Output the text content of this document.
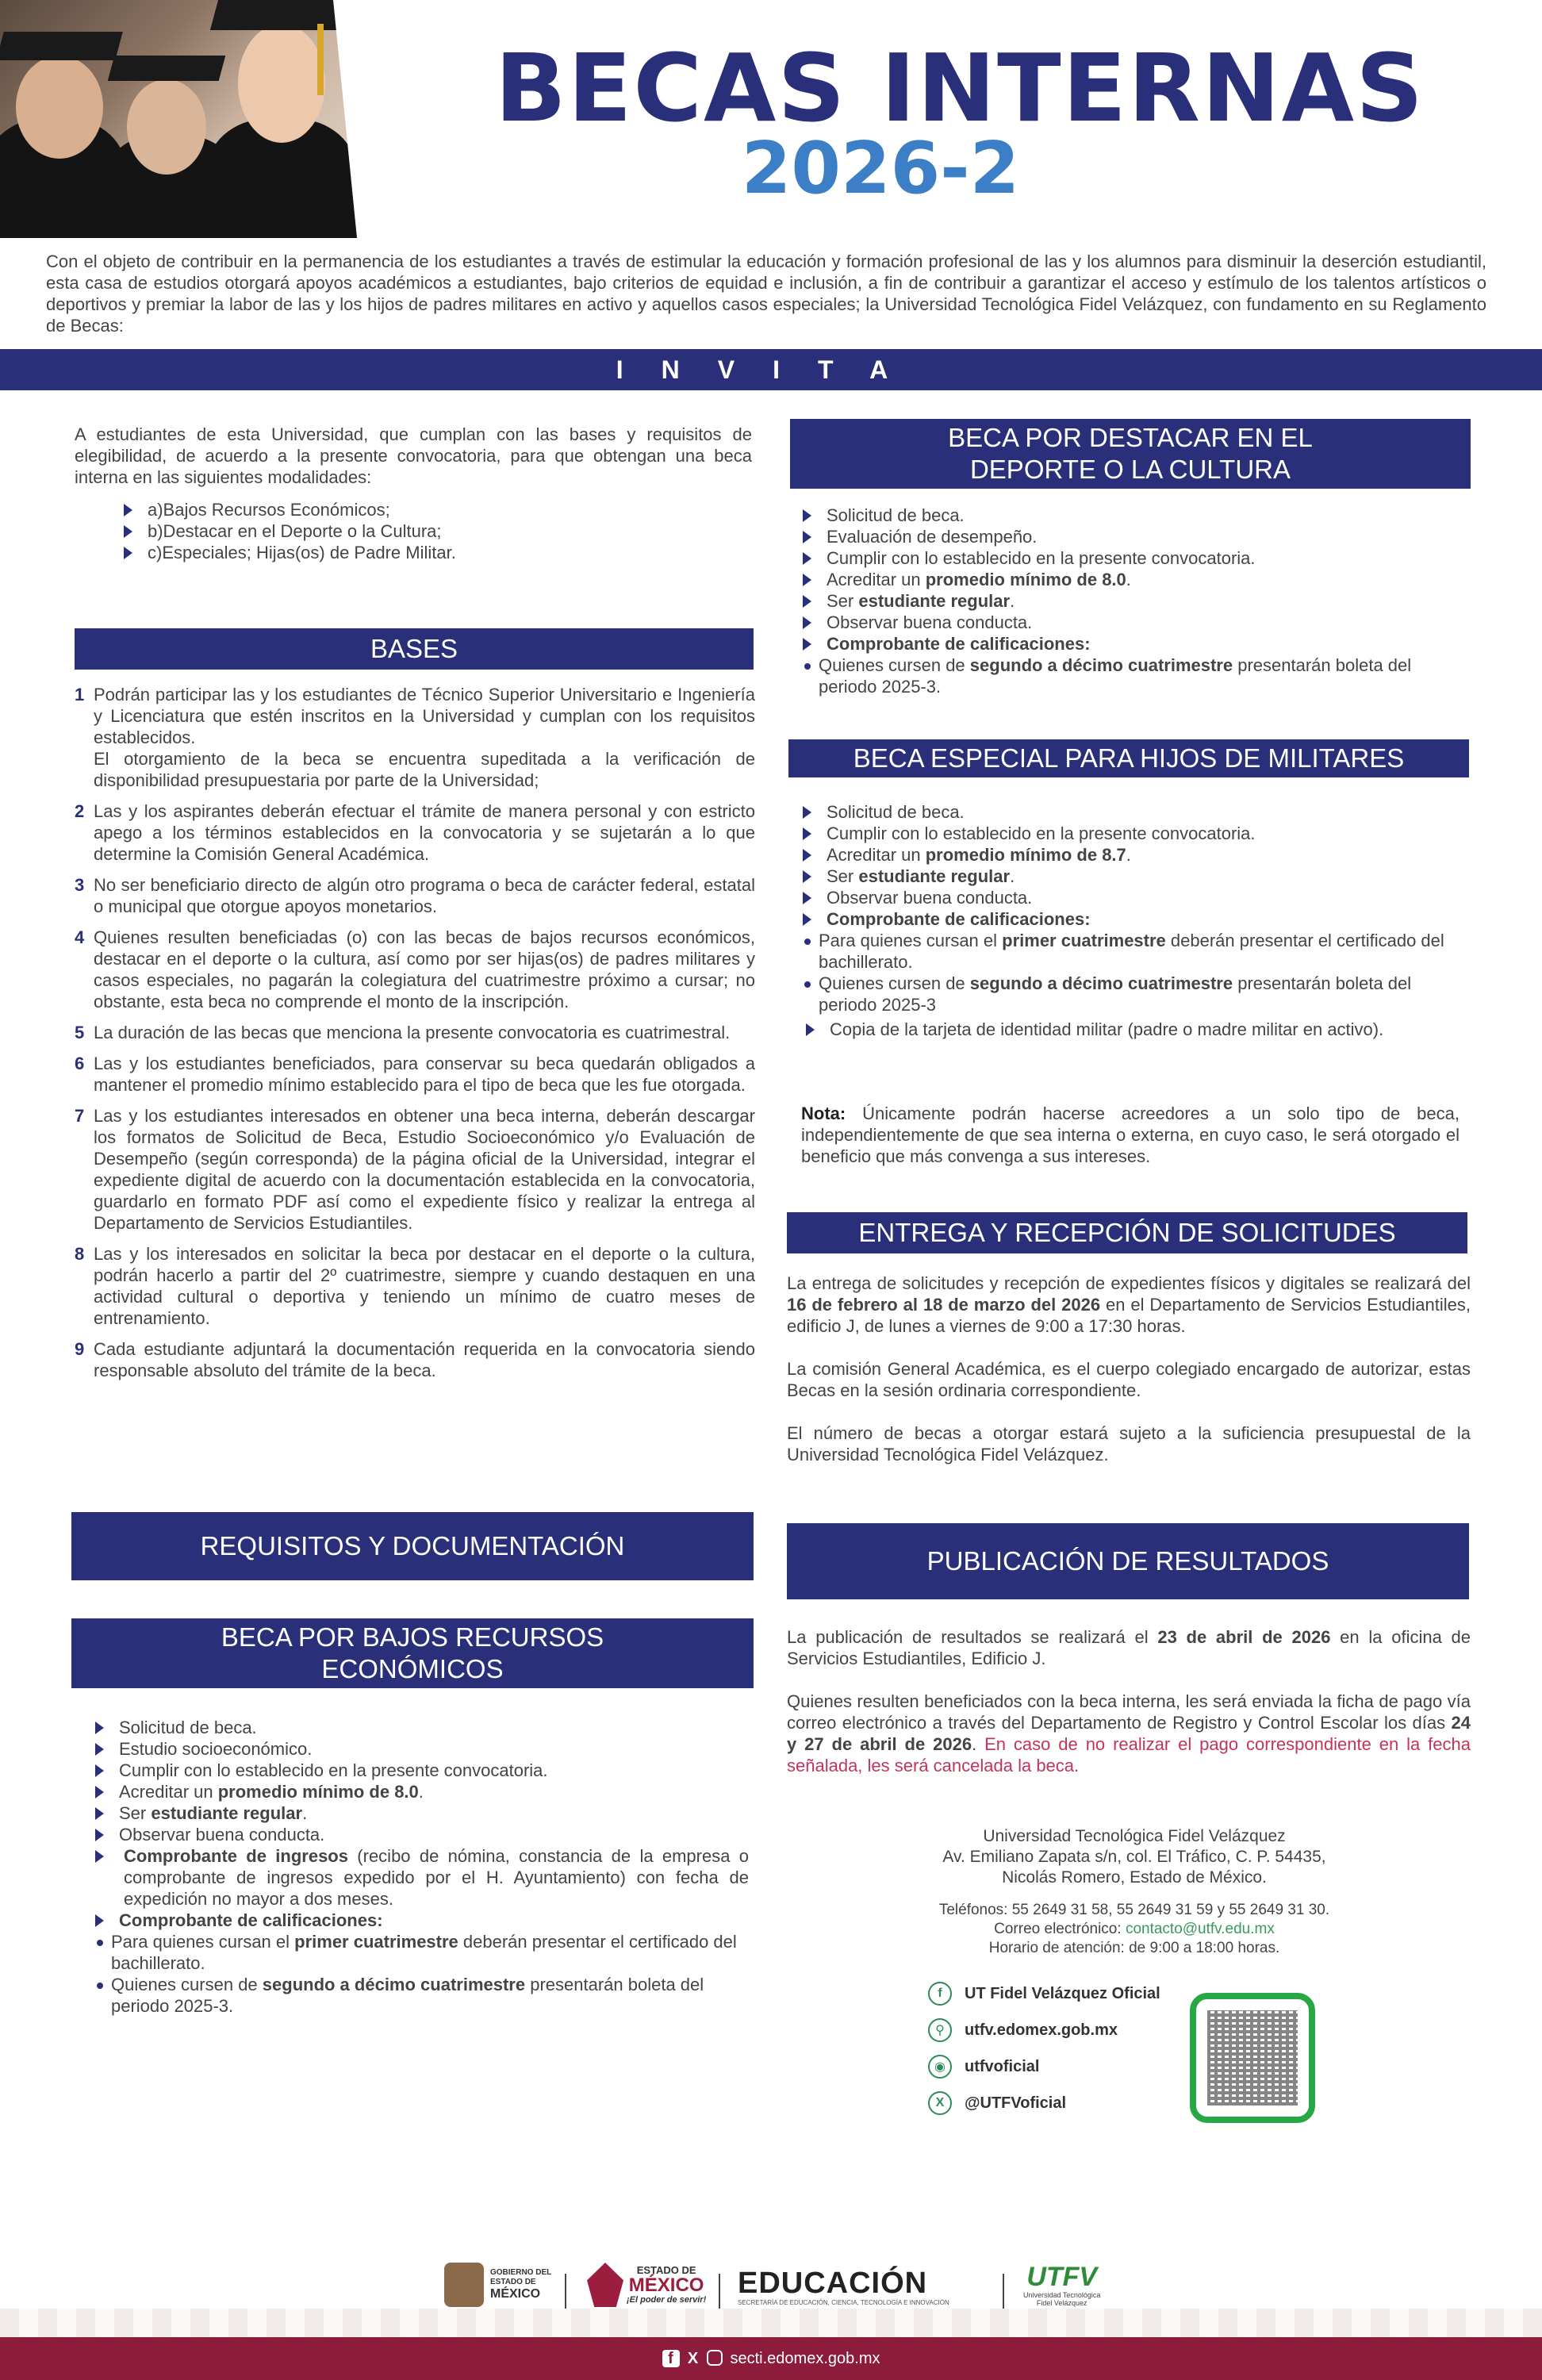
BECAS INTERNAS
2026-2

Con el objeto de contribuir en la permanencia de los estudiantes a través de estimular la educación y formación profesional de las y los alumnos para disminuir la deserción estudiantil, esta casa de estudios otorgará apoyos académicos a estudiantes, bajo criterios de equidad e inclusión, a fin de contribuir a garantizar el acceso y estímulo de los talentos artísticos o deportivos y premiar la labor de las y los hijos de padres militares en activo y aquellos casos especiales; la Universidad Tecnológica Fidel Velázquez, con fundamento en su Reglamento de Becas:

INVITA

A estudiantes de esta Universidad, que cumplan con las bases y requisitos de elegibilidad, de acuerdo a la presente convocatoria, para que obtengan una beca interna en las siguientes modalidades:

a)Bajos Recursos Económicos;
b)Destacar en el Deporte o la Cultura;
c)Especiales; Hijas(os) de Padre Militar.
BASES
1 Podrán participar las y los estudiantes de Técnico Superior Universitario e Ingeniería y Licenciatura que estén inscritos en la Universidad y cumplan con los requisitos establecidos.
El otorgamiento de la beca se encuentra supeditada a la verificación de disponibilidad presupuestaria por parte de la Universidad;
2 Las y los aspirantes deberán efectuar el trámite de manera personal y con estricto apego a los términos establecidos en la convocatoria y se sujetarán a lo que determine la Comisión General Académica.
3 No ser beneficiario directo de algún otro programa o beca de carácter federal, estatal o municipal que otorgue apoyos monetarios.
4 Quienes resulten beneficiadas (o) con las becas de bajos recursos económicos, destacar en el deporte o la cultura, así como por ser hijas(os) de padres militares y casos especiales, no pagarán la colegiatura del cuatrimestre próximo a cursar; no obstante, esta beca no comprende el monto de la inscripción.
5 La duración de las becas que menciona la presente convocatoria es cuatrimestral.
6 Las y los estudiantes beneficiados, para conservar su beca quedarán obligados a mantener el promedio mínimo establecido para el tipo de beca que les fue otorgada.
7 Las y los estudiantes interesados en obtener una beca interna, deberán descargar los formatos de Solicitud de Beca, Estudio Socioeconómico y/o Evaluación de Desempeño (según corresponda) de la página oficial de la Universidad, integrar el expediente digital de acuerdo con la documentación establecida en la convocatoria, guardarlo en formato PDF así como el expediente físico y realizar la entrega al Departamento de Servicios Estudiantiles.
8 Las y los interesados en solicitar la beca por destacar en el deporte o la cultura, podrán hacerlo a partir del 2º cuatrimestre, siempre y cuando destaquen en una actividad cultural o deportiva y teniendo un mínimo de cuatro meses de entrenamiento.
9 Cada estudiante adjuntará la documentación requerida en la convocatoria siendo responsable absoluto del trámite de la beca.
REQUISITOS Y DOCUMENTACIÓN
BECA POR BAJOS RECURSOS ECONÓMICOS
Solicitud de beca.
Estudio socioeconómico.
Cumplir con lo establecido en la presente convocatoria.
Acreditar un promedio mínimo de 8.0.
Ser estudiante regular.
Observar buena conducta.
Comprobante de ingresos (recibo de nómina, constancia de la empresa o comprobante de ingresos expedido por el H. Ayuntamiento) con fecha de expedición no mayor a dos meses.
Comprobante de calificaciones:
Para quienes cursan el primer cuatrimestre deberán presentar el certificado del bachillerato.
Quienes cursen de segundo a décimo cuatrimestre presentarán boleta del periodo 2025-3.
BECA POR DESTACAR EN EL DEPORTE O LA CULTURA
Solicitud de beca.
Evaluación de desempeño.
Cumplir con lo establecido en la presente convocatoria.
Acreditar un promedio mínimo de 8.0.
Ser estudiante regular.
Observar buena conducta.
Comprobante de calificaciones:
Quienes cursen de segundo a décimo cuatrimestre presentarán boleta del periodo 2025-3.
BECA ESPECIAL PARA HIJOS DE MILITARES
Solicitud de beca.
Cumplir con lo establecido en la presente convocatoria.
Acreditar un promedio mínimo de 8.7.
Ser estudiante regular.
Observar buena conducta.
Comprobante de calificaciones:
Para quienes cursan el primer cuatrimestre deberán presentar el certificado del bachillerato.
Quienes cursen de segundo a décimo cuatrimestre presentarán boleta del periodo 2025-3
Copia de la tarjeta de identidad militar (padre o madre militar en activo).

Nota: Únicamente podrán hacerse acreedores a un solo tipo de beca, independientemente de que sea interna o externa, en cuyo caso, le será otorgado el beneficio que más convenga a sus intereses.

ENTREGA Y RECEPCIÓN DE SOLICITUDES

La entrega de solicitudes y recepción de expedientes físicos y digitales se realizará del 16 de febrero al 18 de marzo del 2026 en el Departamento de Servicios Estudiantiles, edificio J, de lunes a viernes de 9:00 a 17:30 horas.

La comisión General Académica, es el cuerpo colegiado encargado de autorizar, estas Becas en la sesión ordinaria correspondiente.

El número de becas a otorgar estará sujeto a la suficiencia presupuestal de la Universidad Tecnológica Fidel Velázquez.

PUBLICACIÓN DE RESULTADOS

La publicación de resultados se realizará el 23 de abril de 2026 en la oficina de Servicios Estudiantiles, Edificio J.

Quienes resulten beneficiados con la beca interna, les será enviada la ficha de pago vía correo electrónico a través del Departamento de Registro y Control Escolar los días 24 y 27 de abril de 2026. En caso de no realizar el pago correspondiente en la fecha señalada, les será cancelada la beca.

Universidad Tecnológica Fidel Velázquez
Av. Emiliano Zapata s/n, col. El Tráfico, C. P. 54435,
Nicolás Romero, Estado de México.
Teléfonos: 55 2649 31 58, 55 2649 31 59 y 55 2649 31 30.
Correo electrónico: contacto@utfv.edu.mx
Horario de atención: de 9:00 a 18:00 horas.
f	UT Fidel Velázquez Oficial
⚲	utfv.edomex.gob.mx
◉	utfvoficial
X	@UTFVoficial
GOBIERNO DEL
ESTADO DE
MÉXICO
ESTADO DE
MÉXICO
¡El poder de servir! EDUCACIÓN
SECRETARÍA DE EDUCACIÓN, CIENCIA, TECNOLOGÍA E INNOVACIÓN
UTFV
Universidad Tecnológica
Fidel Velázquez
f X secti.edomex.gob.mx
